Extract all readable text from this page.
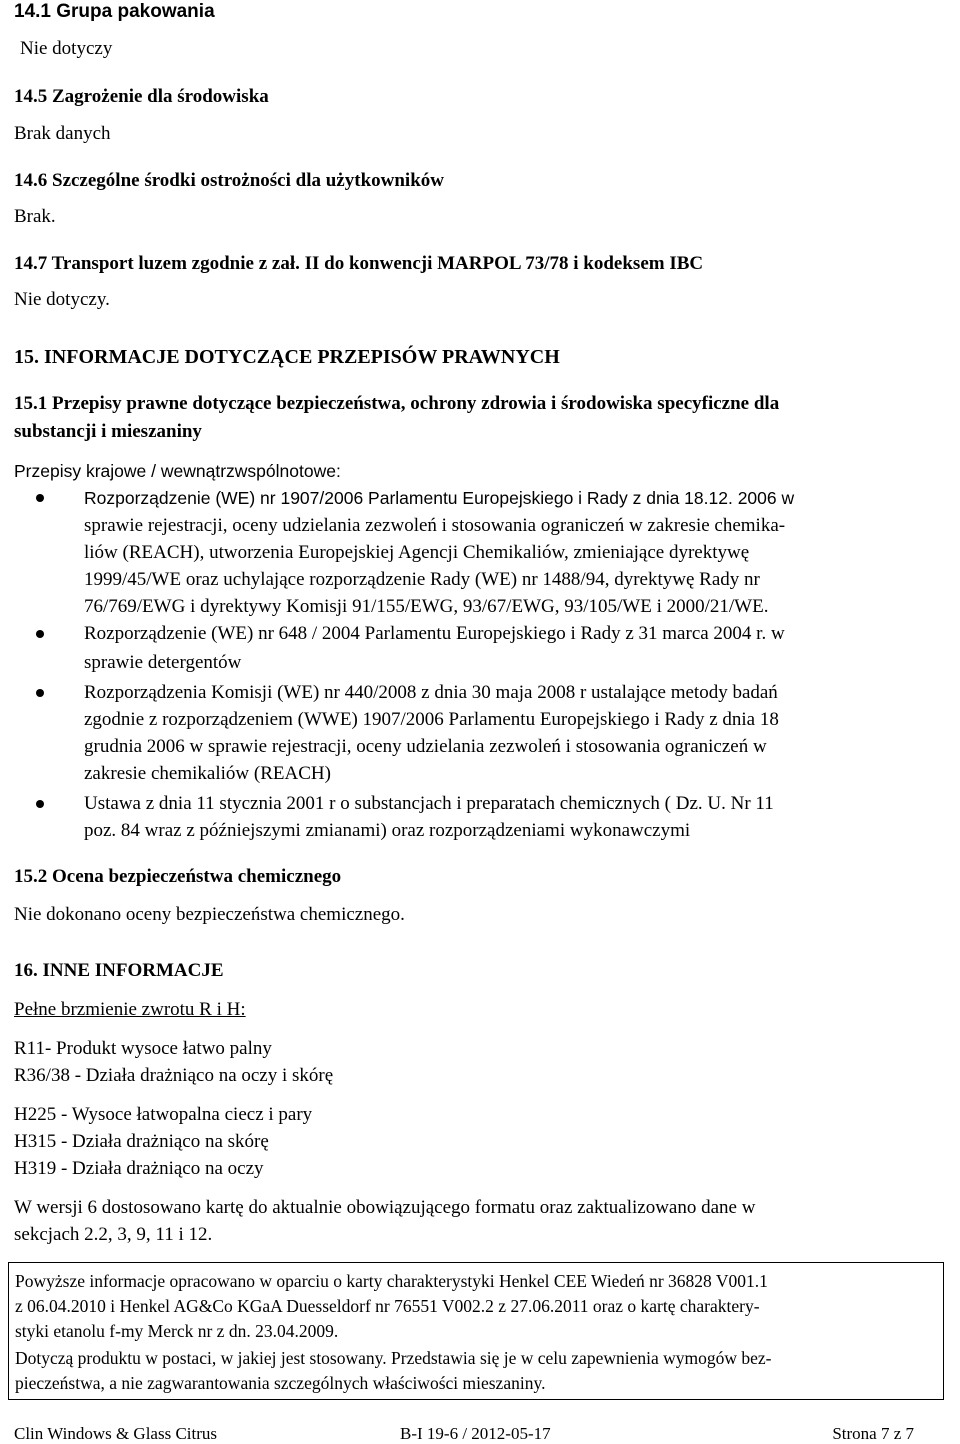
14.1 Grupa pakowania
Nie dotyczy
14.5 Zagrożenie dla środowiska
Brak danych
14.6 Szczególne środki ostrożności dla użytkowników
Brak.
14.7 Transport luzem zgodnie z zał. II do konwencji MARPOL 73/78 i kodeksem IBC
Nie dotyczy.
15. INFORMACJE DOTYCZĄCE PRZEPISÓW PRAWNYCH
15.1 Przepisy prawne dotyczące bezpieczeństwa, ochrony zdrowia i środowiska specyficzne dla
substancji i mieszaniny
Przepisy krajowe / wewnątrzwspólnotowe:
Rozporządzenie (WE) nr 1907/2006 Parlamentu Europejskiego i Rady z dnia 18.12. 2006 w
sprawie rejestracji, oceny udzielania zezwoleń i stosowania ograniczeń w zakresie chemika-
liów (REACH), utworzenia Europejskiej Agencji Chemikaliów, zmieniające dyrektywę
1999/45/WE oraz uchylające rozporządzenie Rady (WE) nr 1488/94, dyrektywę Rady nr
76/769/EWG i dyrektywy Komisji 91/155/EWG, 93/67/EWG, 93/105/WE i 2000/21/WE.
Rozporządzenie (WE) nr 648 / 2004 Parlamentu Europejskiego i Rady z 31 marca 2004 r. w
sprawie detergentów
Rozporządzenia Komisji (WE) nr 440/2008 z dnia 30 maja 2008 r ustalające metody badań
zgodnie z rozporządzeniem (WWE) 1907/2006 Parlamentu Europejskiego i Rady z dnia 18
grudnia 2006 w sprawie rejestracji, oceny udzielania zezwoleń i stosowania ograniczeń w
zakresie chemikaliów (REACH)
Ustawa z dnia 11 stycznia 2001 r o substancjach i preparatach chemicznych ( Dz. U. Nr 11
poz. 84 wraz z późniejszymi zmianami) oraz rozporządzeniami wykonawczymi
15.2 Ocena bezpieczeństwa chemicznego
Nie dokonano oceny bezpieczeństwa chemicznego.
16. INNE INFORMACJE
Pełne brzmienie zwrotu R i H:
R11- Produkt wysoce łatwo palny
R36/38 - Działa drażniąco na oczy i skórę
H225 - Wysoce łatwopalna ciecz i pary
H315 - Działa drażniąco na skórę
H319 - Działa drażniąco na oczy
W wersji 6 dostosowano kartę do aktualnie obowiązującego formatu oraz zaktualizowano dane w
sekcjach 2.2, 3, 9, 11 i 12.
Powyższe informacje opracowano w oparciu o karty charakterystyki Henkel CEE Wiedeń nr 36828 V001.1
z 06.04.2010 i Henkel AG&Co KGaA Duesseldorf nr 76551 V002.2 z 27.06.2011 oraz o kartę charaktery-
styki etanolu f-my Merck nr z dn. 23.04.2009.
Dotyczą produktu w postaci, w jakiej jest stosowany. Przedstawia się je w celu zapewnienia wymogów bez-
pieczeństwa, a nie zagwarantowania szczególnych właściwości mieszaniny.
Clin Windows & Glass Citrus	B-I 19-6 / 2012-05-17	Strona 7 z 7
